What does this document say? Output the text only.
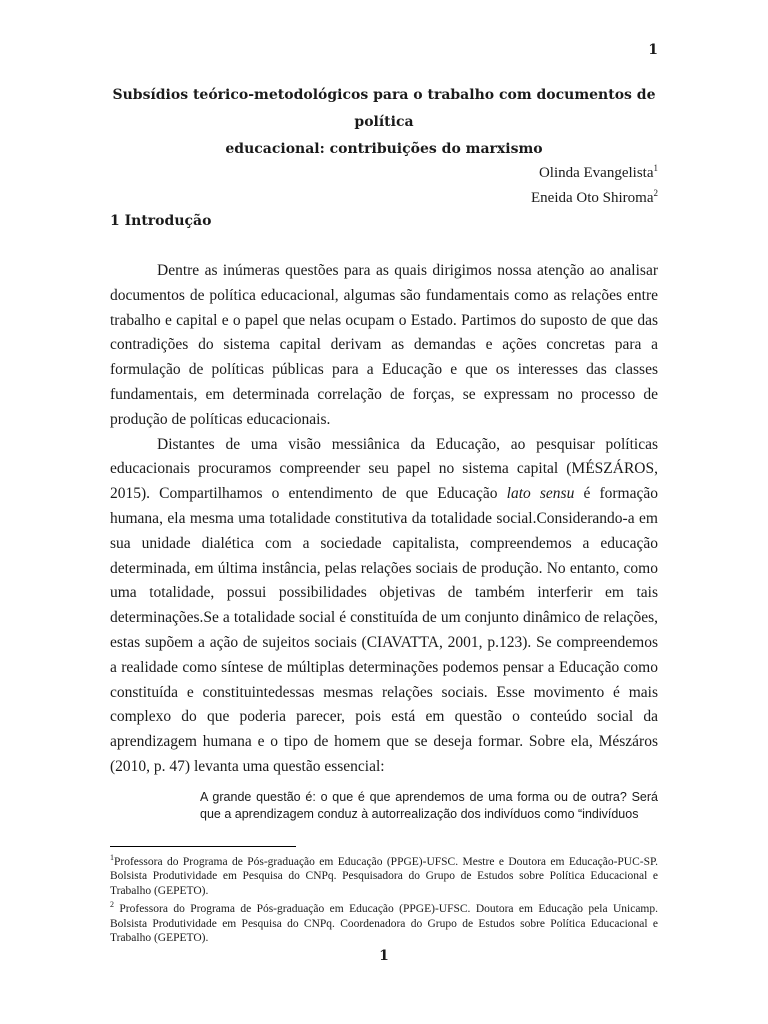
1
Subsídios teórico-metodológicos para o trabalho com documentos de política
educacional: contribuições do marxismo
Olinda Evangelista$^1$
Eneida Oto Shiroma$^2$
1 Introdução

Dentre as inúmeras questões para as quais dirigimos nossa atenção ao analisar documentos de política educacional, algumas são fundamentais como as relações entre trabalho e capital e o papel que nelas ocupam o Estado. Partimos do suposto de que das contradições do sistema capital derivam as demandas e ações concretas para a formulação de políticas públicas para a Educação e que os interesses das classes fundamentais, em determinada correlação de forças, se expressam no processo de produção de políticas educacionais.

Distantes de uma visão messiânica da Educação, ao pesquisar políticas educacionais procuramos compreender seu papel no sistema capital (MÉSZÁROS, 2015). Compartilhamos o entendimento de que Educação lato sensu é formação humana, ela mesma uma totalidade constitutiva da totalidade social.Considerando-a em sua unidade dialética com a sociedade capitalista, compreendemos a educação determinada, em última instância, pelas relações sociais de produção. No entanto, como uma totalidade, possui possibilidades objetivas de também interferir em tais determinações.Se a totalidade social é constituída de um conjunto dinâmico de relações, estas supõem a ação de sujeitos sociais (CIAVATTA, 2001, p.123). Se compreendemos a realidade como síntese de múltiplas determinações podemos pensar a Educação como constituída e constituintedessas mesmas relações sociais. Esse movimento é mais complexo do que poderia parecer, pois está em questão o conteúdo social da aprendizagem humana e o tipo de homem que se deseja formar. Sobre ela, Mészáros (2010, p. 47) levanta uma questão essencial:

A grande questão é: o que é que aprendemos de uma forma ou de outra? Será que a aprendizagem conduz à autorrealização dos indivíduos como “indivíduos

$^1$Professora do Programa de Pós-graduação em Educação (PPGE)-UFSC. Mestre e Doutora em Educação-PUC-SP. Bolsista Produtividade em Pesquisa do CNPq. Pesquisadora do Grupo de Estudos sobre Política Educacional e Trabalho (GEPETO).

$^2$ Professora do Programa de Pós-graduação em Educação (PPGE)-UFSC. Doutora em Educação pela Unicamp. Bolsista Produtividade em Pesquisa do CNPq. Coordenadora do Grupo de Estudos sobre Política Educacional e Trabalho (GEPETO).

1
